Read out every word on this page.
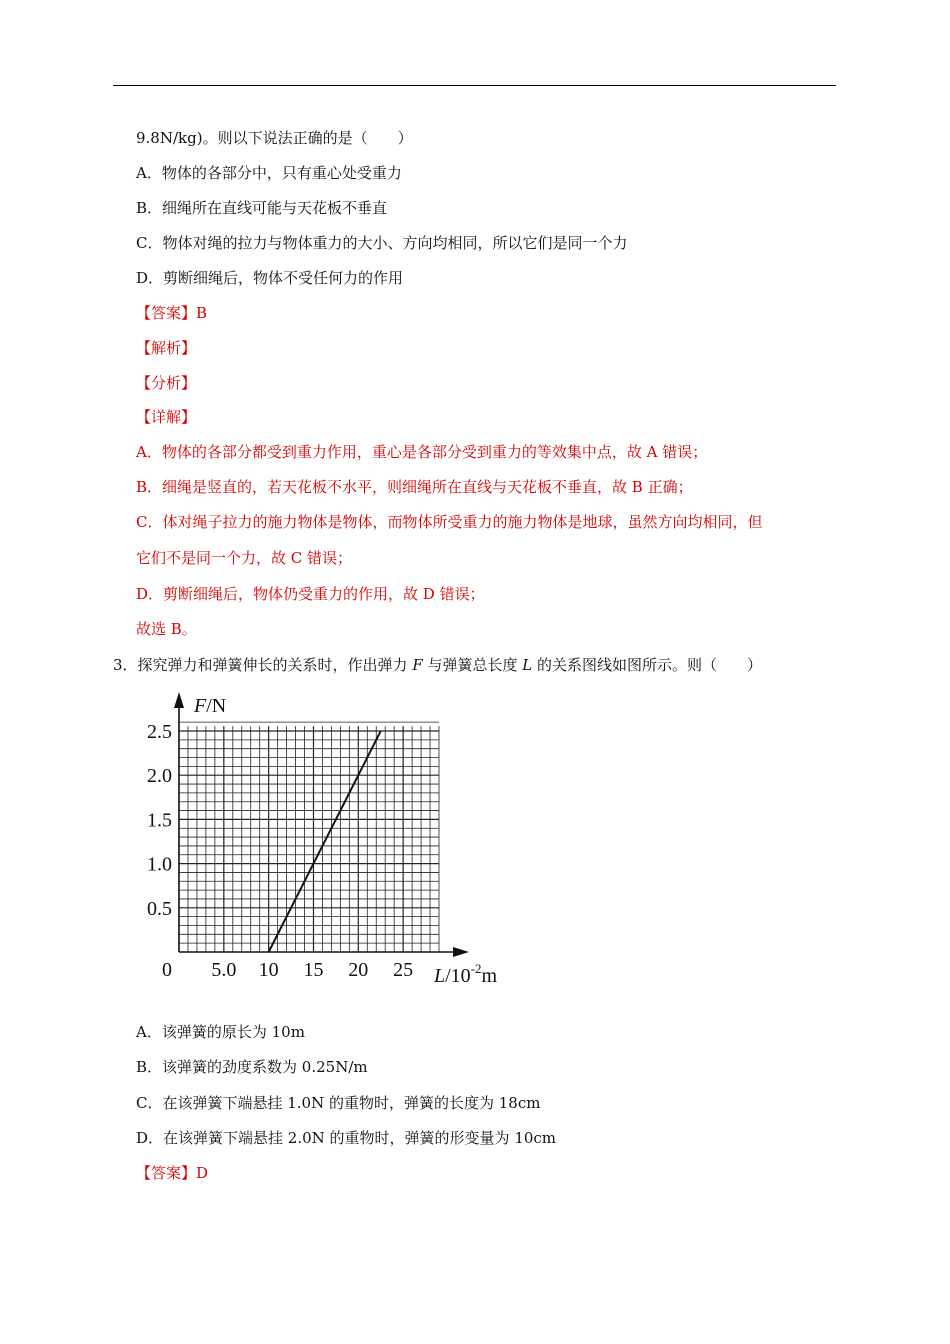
9.8N/kg)。则以下说法正确的是（　　）
A．物体的各部分中，只有重心处受重力
B．细绳所在直线可能与天花板不垂直
C．物体对绳的拉力与物体重力的大小、方向均相同，所以它们是同一个力
D．剪断细绳后，物体不受任何力的作用
【答案】B
【解析】
【分析】
【详解】
A．物体的各部分都受到重力作用，重心是各部分受到重力的等效集中点，故 A 错误；
B．细绳是竖直的，若天花板不水平，则细绳所在直线与天花板不垂直，故 B 正确；
C．体对绳子拉力的施力物体是物体，而物体所受重力的施力物体是地球，虽然方向均相同，但
它们不是同一个力，故 C 错误；
D．剪断细绳后，物体仍受重力的作用，故 D 错误；
故选 B。
3．探究弹力和弹簧伸长的关系时，作出弹力 F 与弹簧总长度 L 的关系图线如图所示。则（　　）
5.0 10 15 20 25
0.5
1.0
1.5
2.0
2.5
F/N
$L/10^{-2}m$
0
A．该弹簧的原长为 10m
B．该弹簧的劲度系数为 0.25N/m
C．在该弹簧下端悬挂 1.0N 的重物时，弹簧的长度为 18cm
D．在该弹簧下端悬挂 2.0N 的重物时，弹簧的形变量为 10cm
【答案】D
